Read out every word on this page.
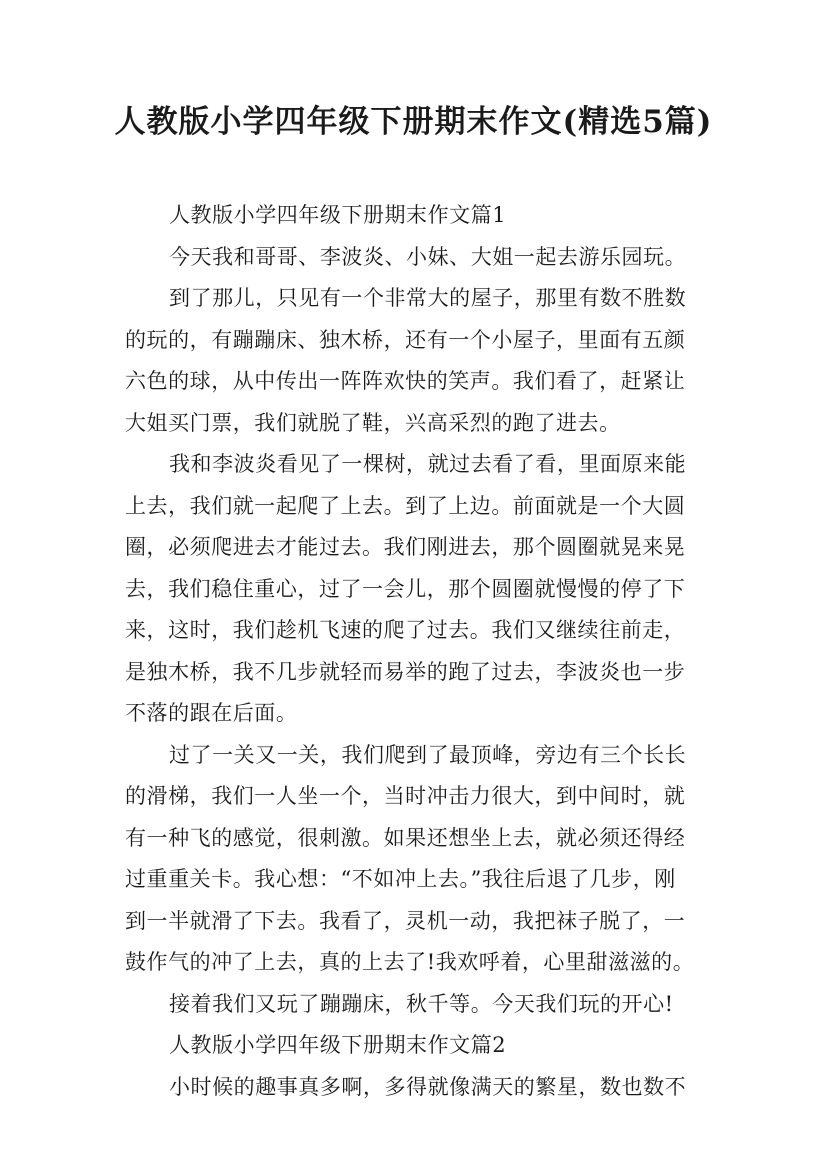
人教版小学四年级下册期末作文(精选5篇)
人教版小学四年级下册期末作文篇1
今天我和哥哥、李波炎、小妹、大姐一起去游乐园玩。
到了那儿，只见有一个非常大的屋子，那里有数不胜数
的玩的，有蹦蹦床、独木桥，还有一个小屋子，里面有五颜
六色的球，从中传出一阵阵欢快的笑声。我们看了，赶紧让
大姐买门票，我们就脱了鞋，兴高采烈的跑了进去。
我和李波炎看见了一棵树，就过去看了看，里面原来能
上去，我们就一起爬了上去。到了上边。前面就是一个大圆
圈，必须爬进去才能过去。我们刚进去，那个圆圈就晃来晃
去，我们稳住重心，过了一会儿，那个圆圈就慢慢的停了下
来，这时，我们趁机飞速的爬了过去。我们又继续往前走，
是独木桥，我不几步就轻而易举的跑了过去，李波炎也一步
不落的跟在后面。
过了一关又一关，我们爬到了最顶峰，旁边有三个长长
的滑梯，我们一人坐一个，当时冲击力很大，到中间时，就
有一种飞的感觉，很刺激。如果还想坐上去，就必须还得经
过重重关卡。我心想：“不如冲上去。”我往后退了几步，刚
到一半就滑了下去。我看了，灵机一动，我把袜子脱了，一
鼓作气的冲了上去，真的上去了!我欢呼着，心里甜滋滋的。
接着我们又玩了蹦蹦床，秋千等。今天我们玩的开心!
人教版小学四年级下册期末作文篇2
小时候的趣事真多啊，多得就像满天的繁星，数也数不
